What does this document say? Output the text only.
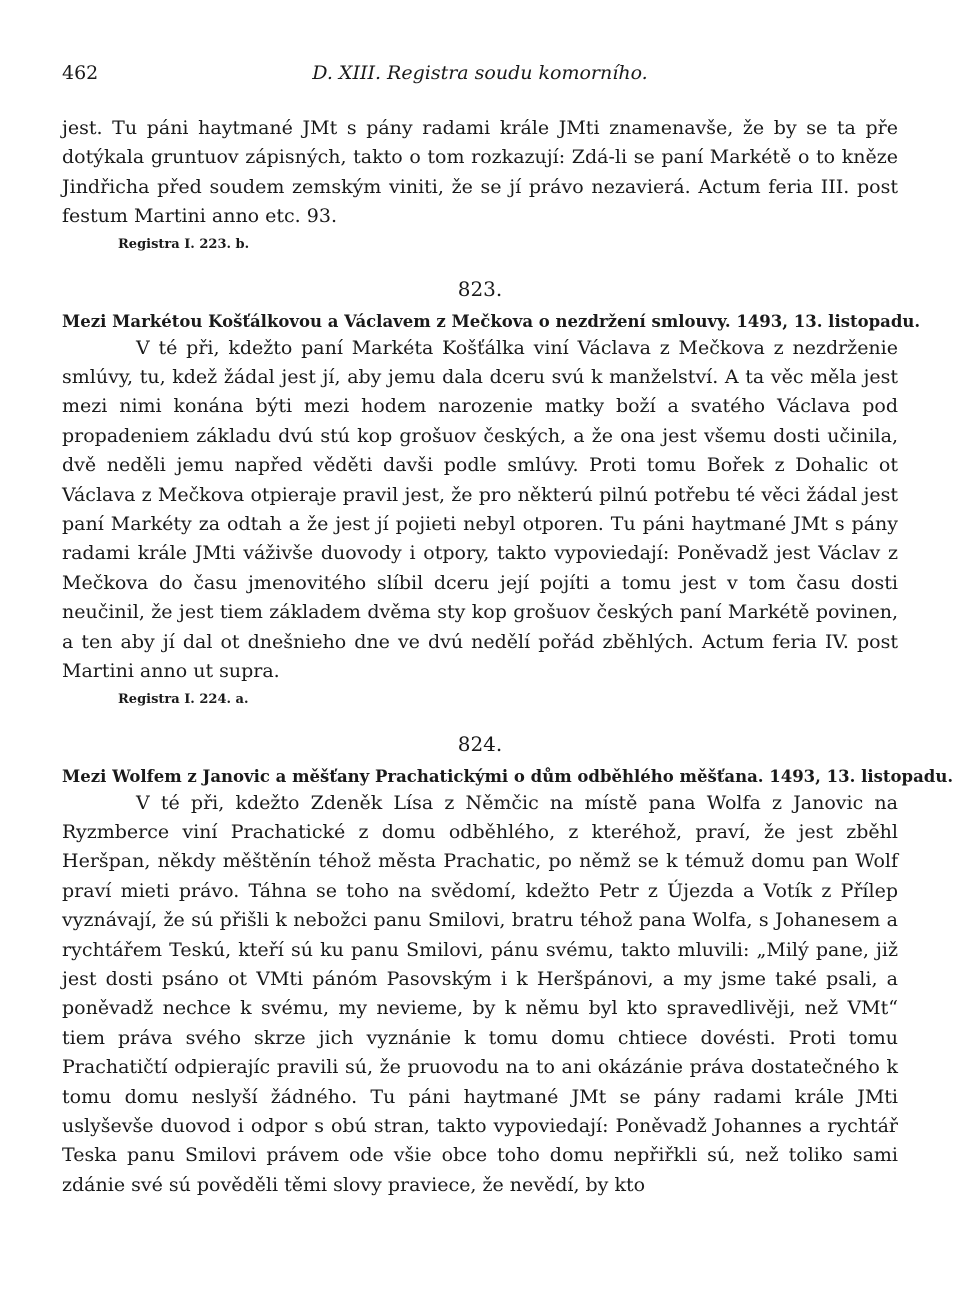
462	D. XIII. Registra soudu komorního.

jest. Tu páni haytmané JMt s pány radami krále JMti znamenavše, že by se ta pře dotýkala gruntuov zápisných, takto o tom rozkazují: Zdá-li se paní Markétě o to kněze Jindřicha před soudem zemským viniti, že se jí právo nezavierá. Actum feria III. post festum Martini anno etc. 93.

Registra I. 223. b.
823.
Mezi Markétou Košťálkovou a Václavem z Mečkova o nezdržení smlouvy. 1493, 13. listopadu.

V té při, kdežto paní Markéta Košťálka viní Václava z Mečkova z nezdrženie smlúvy, tu, kdež žádal jest jí, aby jemu dala dceru svú k manželství. A ta věc měla jest mezi nimi konána býti mezi hodem narozenie matky boží a svatého Václava pod propadeniem základu dvú stú kop grošuov českých, a že ona jest všemu dosti učinila, dvě neděli jemu napřed věděti davši podle smlúvy. Proti tomu Bořek z Dohalic ot Václava z Mečkova otpieraje pravil jest, že pro některú pilnú potřebu té věci žádal jest paní Markéty za odtah a že jest jí pojieti nebyl otporen. Tu páni haytmané JMt s pány radami krále JMti váživše duovody i otpory, takto vypoviedají: Poněvadž jest Václav z Mečkova do času jmenovitého slíbil dceru její pojíti a tomu jest v tom času dosti neučinil, že jest tiem základem dvěma sty kop grošuov českých paní Markétě povinen, a ten aby jí dal ot dnešnieho dne ve dvú nedělí pořád zběhlých. Actum feria IV. post Martini anno ut supra.

Registra I. 224. a.
824.
Mezi Wolfem z Janovic a měšťany Prachatickými o dům odběhlého měšťana. 1493, 13. listopadu.

V té při, kdežto Zdeněk Lísa z Němčic na místě pana Wolfa z Janovic na Ryzmberce viní Prachatické z domu odběhlého, z kteréhož, praví, že jest zběhl Heršpan, někdy měštěnín téhož města Prachatic, po němž se k témuž domu pan Wolf praví mieti právo. Táhna se toho na svědomí, kdežto Petr z Újezda a Votík z Přílep vyznávají, že sú přišli k nebožci panu Smilovi, bratru téhož pana Wolfa, s Johanesem a rychtářem Teskú, kteří sú ku panu Smilovi, pánu svému, takto mluvili: „Milý pane, již jest dosti psáno ot VMti pánóm Pasovským i k Heršpánovi, a my jsme také psali, a poněvadž nechce k svému, my nevieme, by k němu byl kto spravedlivěji, než VMt“ tiem práva svého skrze jich vyznánie k tomu domu chtiece dovésti. Proti tomu Prachatičtí odpierajíc pravili sú, že pruovodu na to ani okázánie práva dostatečného k tomu domu neslyší žádného. Tu páni haytmané JMt se pány radami krále JMti uslyševše duovod i odpor s obú stran, takto vypoviedají: Poněvadž Johannes a rychtář Teska panu Smilovi právem ode všie obce toho domu nepřiřkli sú, než toliko sami zdánie své sú pověděli těmi slovy praviece, že nevědí, by kto
